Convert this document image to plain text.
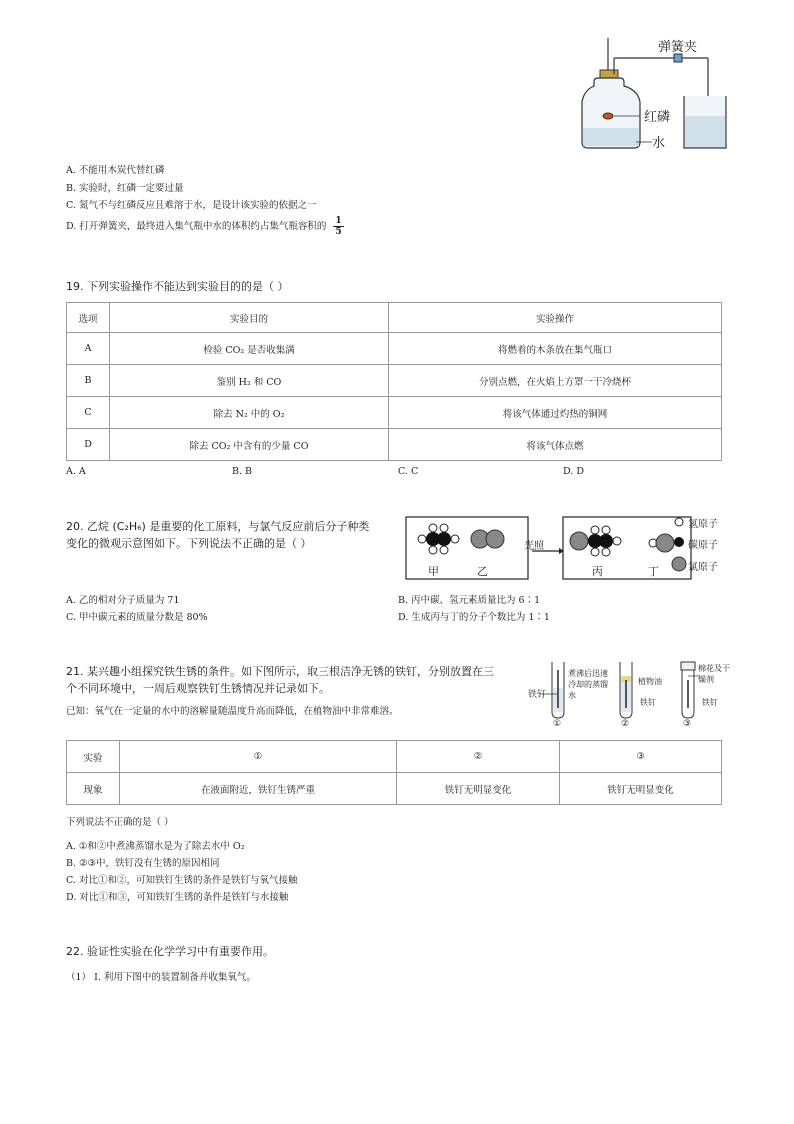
弹簧夹
红磷
水
A. 不能用木炭代替红磷
B. 实验时，红磷一定要过量
C. 氮气不与红磷反应且难溶于水，是设计该实验的依据之一
D. 打开弹簧夹，最终进入集气瓶中水的体积约占集气瓶容积的 $\frac{1}{5}$
19. 下列实验操作不能达到实验目的的是（ ）
选项	实验目的	实验操作
A	检验 CO₂ 是否收集满	将燃着的木条放在集气瓶口
B	鉴别 H₂ 和 CO	分别点燃，在火焰上方罩一干冷烧杯
C	除去 N₂ 中的 O₂	将该气体通过灼热的铜网
D	除去 CO₂ 中含有的少量 CO	将该气体点燃
A. A	B. B	C. C	D. D
20. 乙烷 (C₂H₆) 是重要的化工原料，与氯气反应前后分子种类
变化的微观示意图如下。下列说法不正确的是（ ）
甲	乙
光照
丙	丁
氢原子
碳原子
氯原子
A. 乙的相对分子质量为 71	B. 丙中碳、氢元素质量比为 6∶1
C. 甲中碳元素的质量分数是 80%	D. 生成丙与丁的分子个数比为 1∶1
21. 某兴趣小组探究铁生锈的条件。如下图所示，取三根洁净无锈的铁钉，分别放置在三
个不同环境中，一周后观察铁钉生锈情况并记录如下。
已知：氧气在一定量的水中的溶解量随温度升高而降低，在植物油中非常难溶。
铁钉
煮沸后迅速冷却的蒸馏水
植物油
铁钉
棉花及干燥剂
铁钉
①	②	③
实验	①	②	③
现象	在液面附近，铁钉生锈严重	铁钉无明显变化	铁钉无明显变化
下列说法不正确的是（ ）
A. ①和②中煮沸蒸馏水是为了除去水中 O₂
B. ②③中，铁钉没有生锈的原因相同
C. 对比①和②，可知铁钉生锈的条件是铁钉与氧气接触
D. 对比①和③，可知铁钉生锈的条件是铁钉与水接触
22. 验证性实验在化学学习中有重要作用。
（1） Ⅰ. 利用下图中的装置制备并收集氧气。
